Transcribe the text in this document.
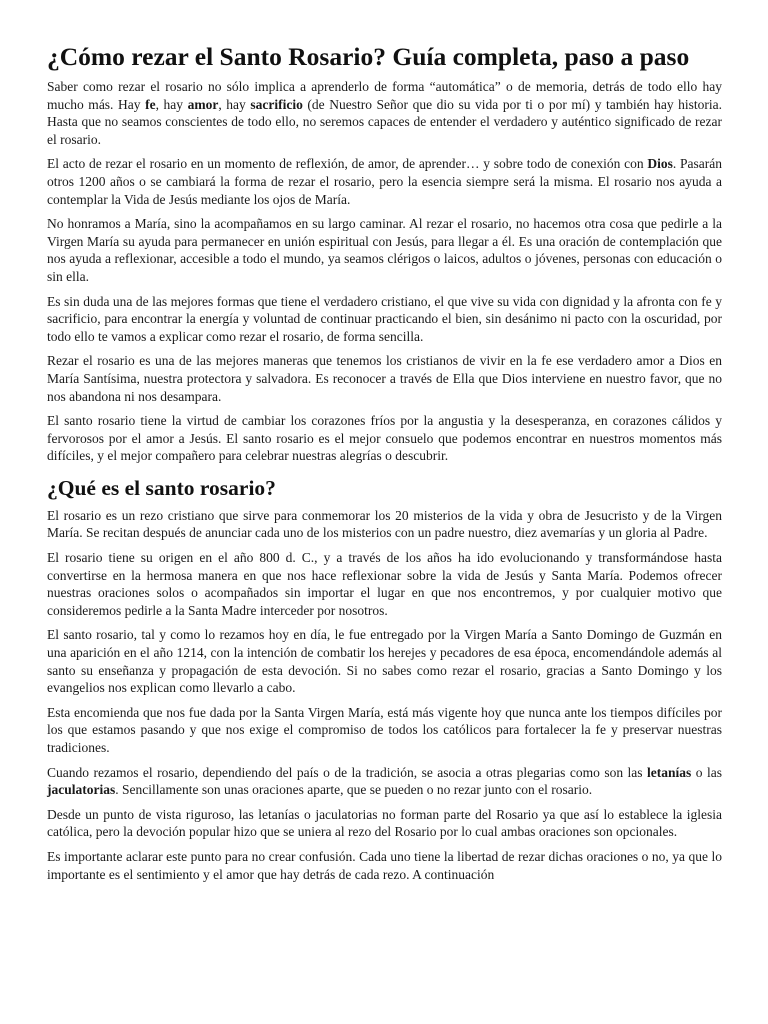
¿Cómo rezar el Santo Rosario? Guía completa, paso a paso

Saber como rezar el rosario no sólo implica a aprenderlo de forma “automática” o de memoria, detrás de todo ello hay mucho más. Hay fe, hay amor, hay sacrificio (de Nuestro Señor que dio su vida por ti o por mí) y también hay historia. Hasta que no seamos conscientes de todo ello, no seremos capaces de entender el verdadero y auténtico significado de rezar el rosario.

El acto de rezar el rosario en un momento de reflexión, de amor, de aprender… y sobre todo de conexión con Dios. Pasarán otros 1200 años o se cambiará la forma de rezar el rosario, pero la esencia siempre será la misma. El rosario nos ayuda a contemplar la Vida de Jesús mediante los ojos de María.

No honramos a María, sino la acompañamos en su largo caminar. Al rezar el rosario, no hacemos otra cosa que pedirle a la Virgen María su ayuda para permanecer en unión espiritual con Jesús, para llegar a él. Es una oración de contemplación que nos ayuda a reflexionar, accesible a todo el mundo, ya seamos clérigos o laicos, adultos o jóvenes, personas con educación o sin ella.

Es sin duda una de las mejores formas que tiene el verdadero cristiano, el que vive su vida con dignidad y la afronta con fe y sacrificio, para encontrar la energía y voluntad de continuar practicando el bien, sin desánimo ni pacto con la oscuridad, por todo ello te vamos a explicar como rezar el rosario, de forma sencilla.

Rezar el rosario es una de las mejores maneras que tenemos los cristianos de vivir en la fe ese verdadero amor a Dios en María Santísima, nuestra protectora y salvadora. Es reconocer a través de Ella que Dios interviene en nuestro favor, que no nos abandona ni nos desampara.

El santo rosario tiene la virtud de cambiar los corazones fríos por la angustia y la desesperanza, en corazones cálidos y fervorosos por el amor a Jesús. El santo rosario es el mejor consuelo que podemos encontrar en nuestros momentos más difíciles, y el mejor compañero para celebrar nuestras alegrías o descubrir.

¿Qué es el santo rosario?

El rosario es un rezo cristiano que sirve para conmemorar los 20 misterios de la vida y obra de Jesucristo y de la Virgen María. Se recitan después de anunciar cada uno de los misterios con un padre nuestro, diez avemarías y un gloria al Padre.

El rosario tiene su origen en el año 800 d. C., y a través de los años ha ido evolucionando y transformándose hasta convertirse en la hermosa manera en que nos hace reflexionar sobre la vida de Jesús y Santa María. Podemos ofrecer nuestras oraciones solos o acompañados sin importar el lugar en que nos encontremos, y por cualquier motivo que consideremos pedirle a la Santa Madre interceder por nosotros.

El santo rosario, tal y como lo rezamos hoy en día, le fue entregado por la Virgen María a Santo Domingo de Guzmán en una aparición en el año 1214, con la intención de combatir los herejes y pecadores de esa época, encomendándole además al santo su enseñanza y propagación de esta devoción. Si no sabes como rezar el rosario, gracias a Santo Domingo y los evangelios nos explican como llevarlo a cabo.

Esta encomienda que nos fue dada por la Santa Virgen María, está más vigente hoy que nunca ante los tiempos difíciles por los que estamos pasando y que nos exige el compromiso de todos los católicos para fortalecer la fe y preservar nuestras tradiciones.

Cuando rezamos el rosario, dependiendo del país o de la tradición, se asocia a otras plegarias como son las letanías o las jaculatorias. Sencillamente son unas oraciones aparte, que se pueden o no rezar junto con el rosario.

Desde un punto de vista riguroso, las letanías o jaculatorias no forman parte del Rosario ya que así lo establece la iglesia católica, pero la devoción popular hizo que se uniera al rezo del Rosario por lo cual ambas oraciones son opcionales.

Es importante aclarar este punto para no crear confusión. Cada uno tiene la libertad de rezar dichas oraciones o no, ya que lo importante es el sentimiento y el amor que hay detrás de cada rezo. A continuación
